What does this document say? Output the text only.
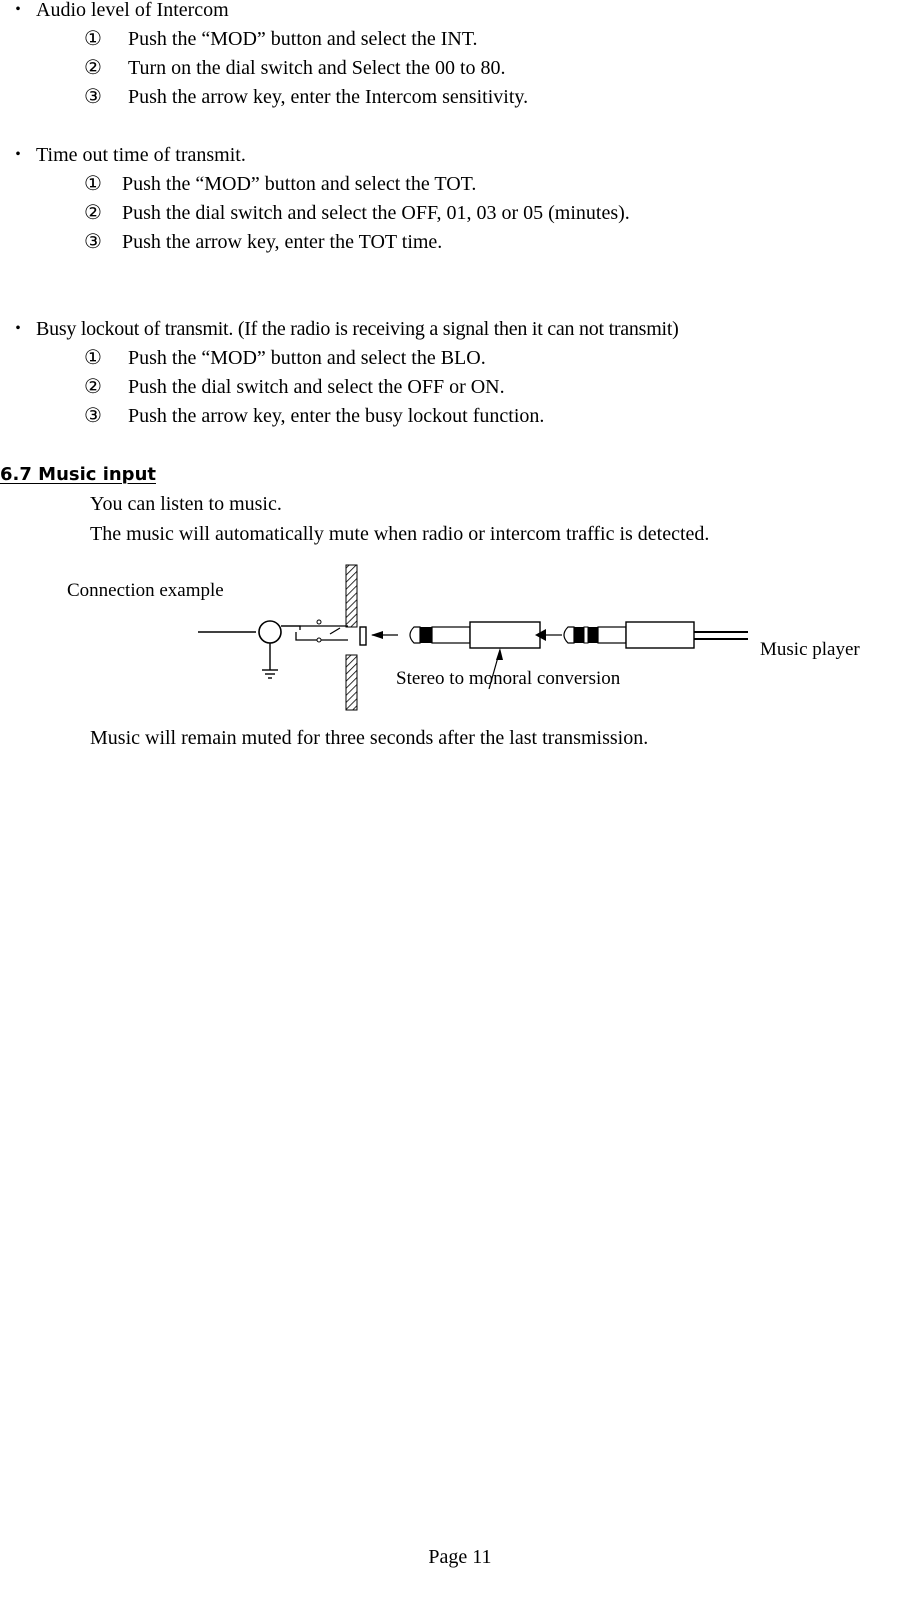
・ Audio level of Intercom
① Push the “MOD” button and select the INT.
② Turn on the dial switch and Select the 00 to 80.
③ Push the arrow key, enter the Intercom sensitivity.
・ Time out time of transmit.
① Push the “MOD” button and select the TOT.
② Push the dial switch and select the OFF, 01, 03 or 05 (minutes).
③ Push the arrow key, enter the TOT time.
・ Busy lockout of transmit. (If the radio is receiving a signal then it can not transmit)
① Push the “MOD” button and select the BLO.
② Push the dial switch and select the OFF or ON.
③ Push the arrow key, enter the busy lockout function.
6.7 Music input
You can listen to music.
The music will automatically mute when radio or intercom traffic is detected.
Connection example
Music player
Stereo to monoral conversion
Music will remain muted for three seconds after the last transmission.
Page 11
